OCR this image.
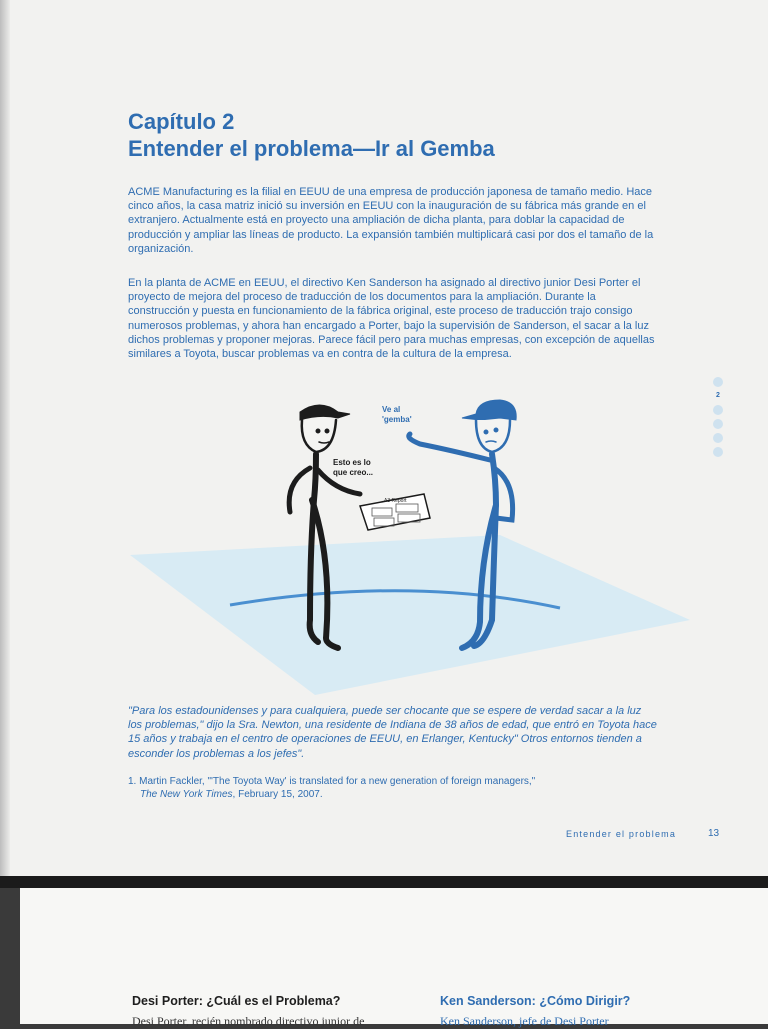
Capítulo 2
Entender el problema—Ir al Gemba

ACME Manufacturing es la filial en EEUU de una empresa de producción japonesa de tamaño medio. Hace cinco años, la casa matriz inició su inversión en EEUU con la inauguración de su fábrica más grande en el extranjero. Actualmente está en proyecto una ampliación de dicha planta, para doblar la capacidad de producción y ampliar las líneas de producto. La expansión también multiplicará casi por dos el tamaño de la organización.

En la planta de ACME en EEUU, el directivo Ken Sanderson ha asignado al directivo junior Desi Porter el proyecto de mejora del proceso de traducción de los documentos para la ampliación. Durante la construcción y puesta en funcionamiento de la fábrica original, este proceso de traducción trajo consigo numerosos problemas, y ahora han encargado a Porter, bajo la supervisión de Sanderson, el sacar a la luz dichos problemas y proponer mejoras. Parece fácil pero para muchas empresas, con excepción de aquellas similares a Toyota, buscar problemas va en contra de la cultura de la empresa.

2
A3 Report
Esto es lo
que creo...
Ve al
'gemba'

"Para los estadounidenses y para cualquiera, puede ser chocante que se espere de verdad sacar a la luz los problemas," dijo la Sra. Newton, una residente de Indiana de 38 años de edad, que entró en Toyota hace 15 años y trabaja en el centro de operaciones de EEUU, en Erlanger, Kentucky" Otros entornos tienden a esconder los problemas a los jefes".

1. Martin Fackler, "'The Toyota Way' is translated for a new generation of foreign managers,"
The New York Times, February 15, 2007.

Entender el problema	13
Desi Porter: ¿Cuál es el Problema?	Ken Sanderson: ¿Cómo Dirigir?
Desi Porter, recién nombrado directivo junior de	Ken Sanderson, jefe de Desi Porter
